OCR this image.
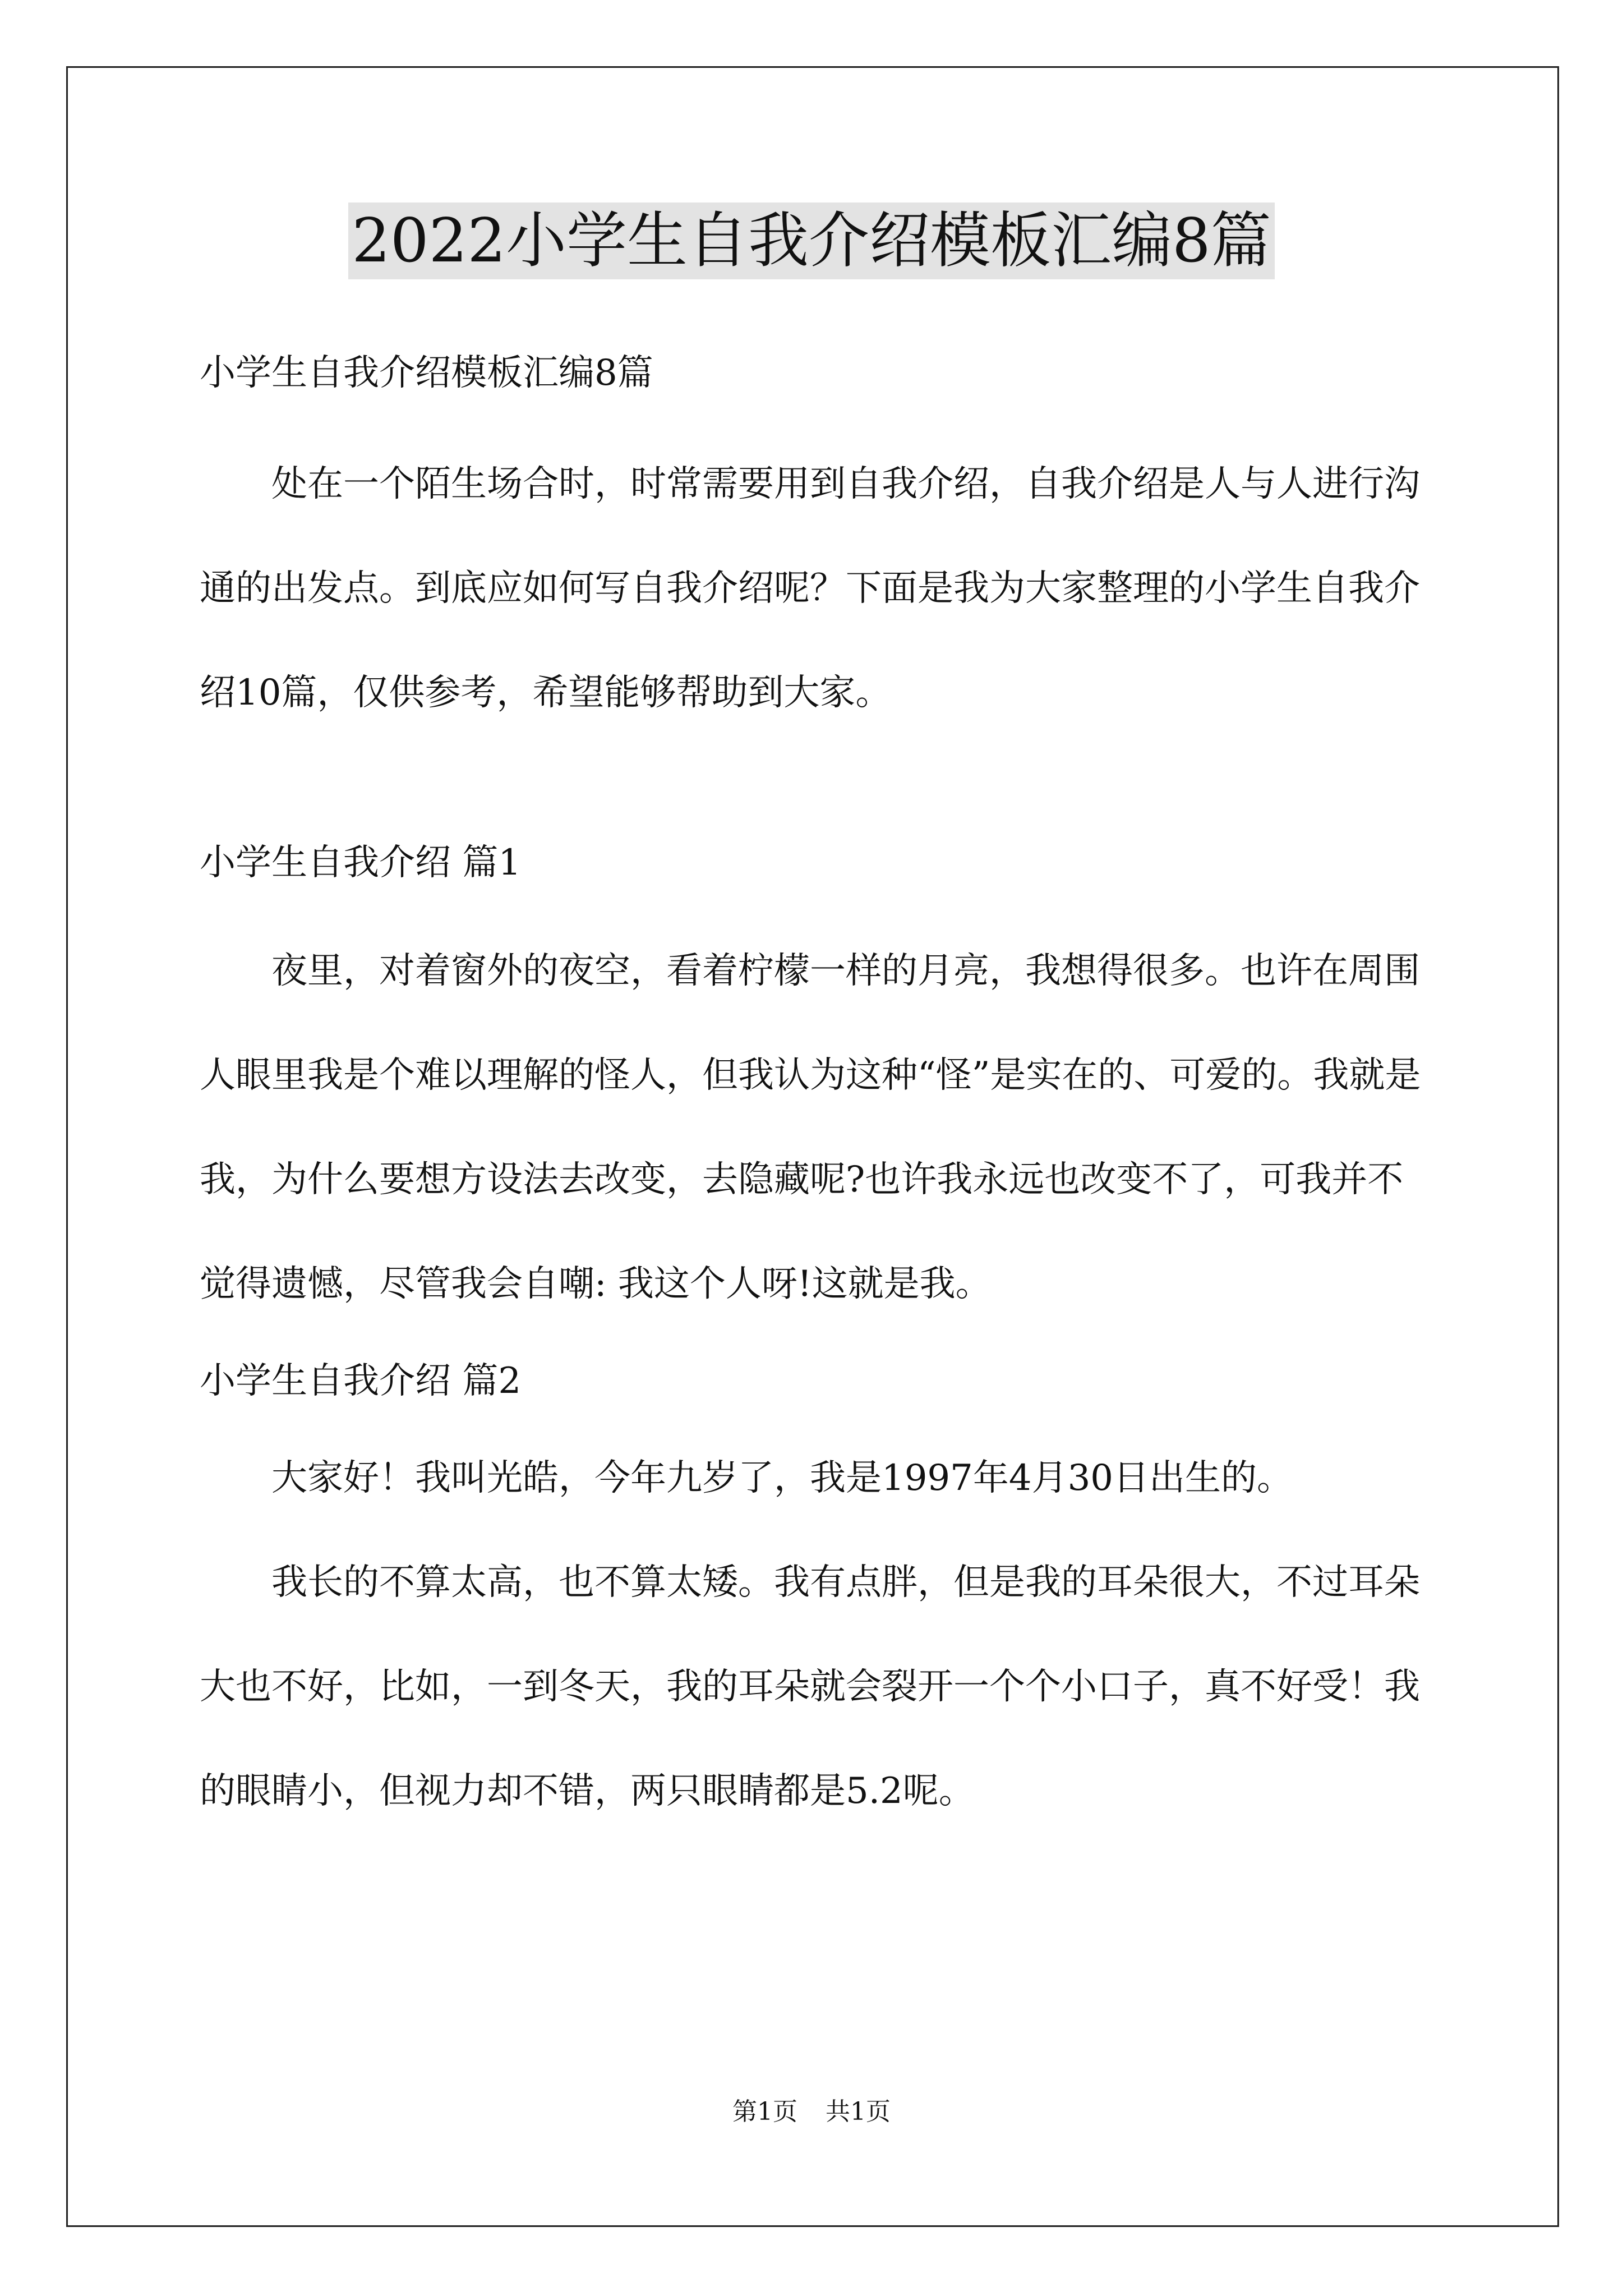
2022小学生自我介绍模板汇编8篇

小学生自我介绍模板汇编8篇

处在一个陌生场合时，时常需要用到自我介绍，自我介绍是人与人进行沟通的出发点。到底应如何写自我介绍呢？下面是我为大家整理的小学生自我介绍10篇，仅供参考，希望能够帮助到大家。

小学生自我介绍 篇1

夜里，对着窗外的夜空，看着柠檬一样的月亮，我想得很多。也许在周围人眼里我是个难以理解的怪人，但我认为这种“怪”是实在的、可爱的。我就是我，为什么要想方设法去改变，去隐藏呢?也许我永远也改变不了，可我并不觉得遗憾，尽管我会自嘲: 我这个人呀!这就是我。

小学生自我介绍 篇2

大家好！我叫光皓，今年九岁了，我是1997年4月30日出生的。

我长的不算太高，也不算太矮。我有点胖，但是我的耳朵很大，不过耳朵大也不好，比如，一到冬天，我的耳朵就会裂开一个个小口子，真不好受！我的眼睛小，但视力却不错，两只眼睛都是5.2呢。

第1页 共1页
